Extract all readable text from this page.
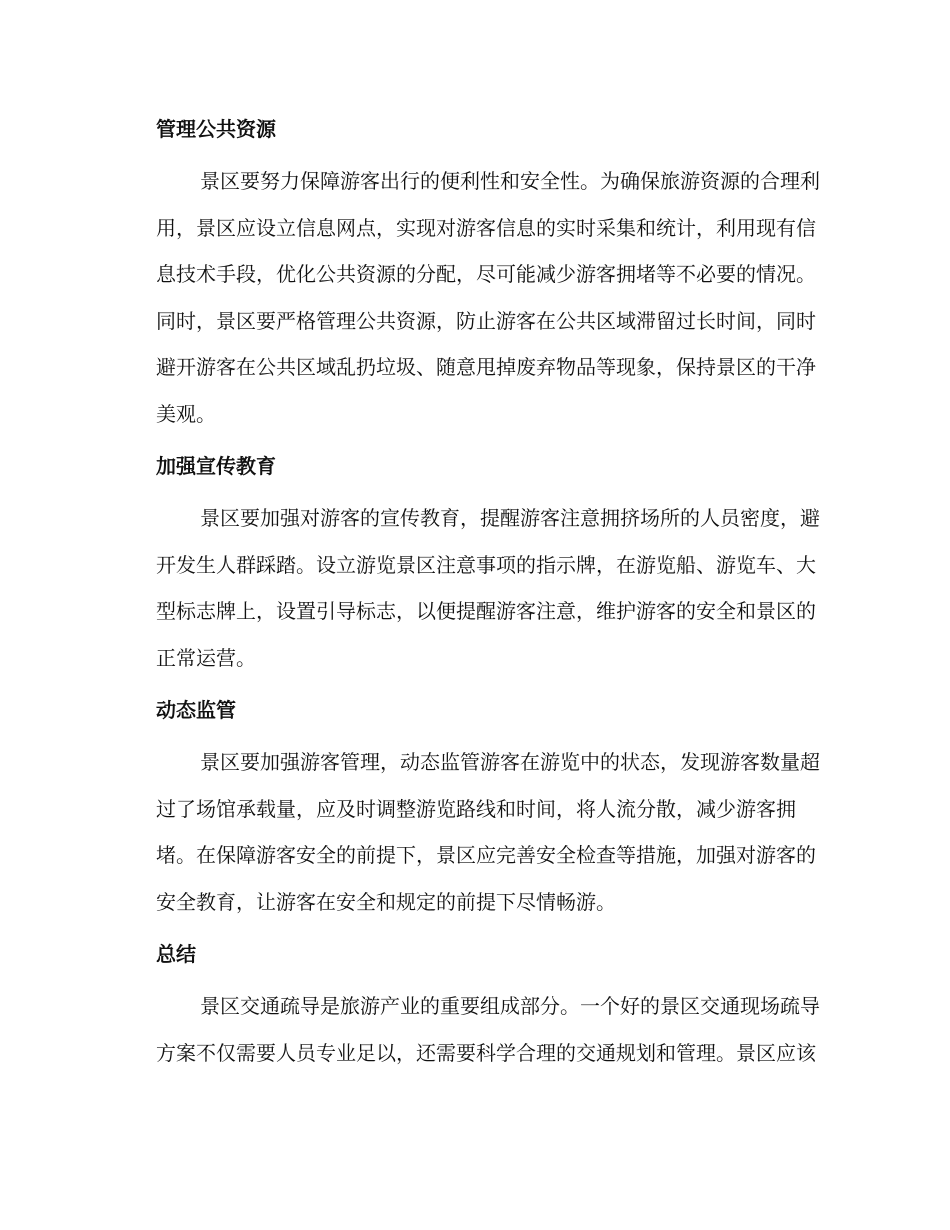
管理公共资源
景区要努力保障游客出行的便利性和安全性。为确保旅游资源的合理利
用，景区应设立信息网点，实现对游客信息的实时采集和统计，利用现有信
息技术手段，优化公共资源的分配，尽可能减少游客拥堵等不必要的情况。
同时，景区要严格管理公共资源，防止游客在公共区域滞留过长时间，同时
避开游客在公共区域乱扔垃圾、随意甩掉废弃物品等现象，保持景区的干净
美观。
加强宣传教育
景区要加强对游客的宣传教育，提醒游客注意拥挤场所的人员密度，避
开发生人群踩踏。设立游览景区注意事项的指示牌，在游览船、游览车、大
型标志牌上，设置引导标志，以便提醒游客注意，维护游客的安全和景区的
正常运营。
动态监管
景区要加强游客管理，动态监管游客在游览中的状态，发现游客数量超
过了场馆承载量，应及时调整游览路线和时间，将人流分散，减少游客拥
堵。在保障游客安全的前提下，景区应完善安全检查等措施，加强对游客的
安全教育，让游客在安全和规定的前提下尽情畅游。
总结
景区交通疏导是旅游产业的重要组成部分。一个好的景区交通现场疏导
方案不仅需要人员专业足以，还需要科学合理的交通规划和管理。景区应该
